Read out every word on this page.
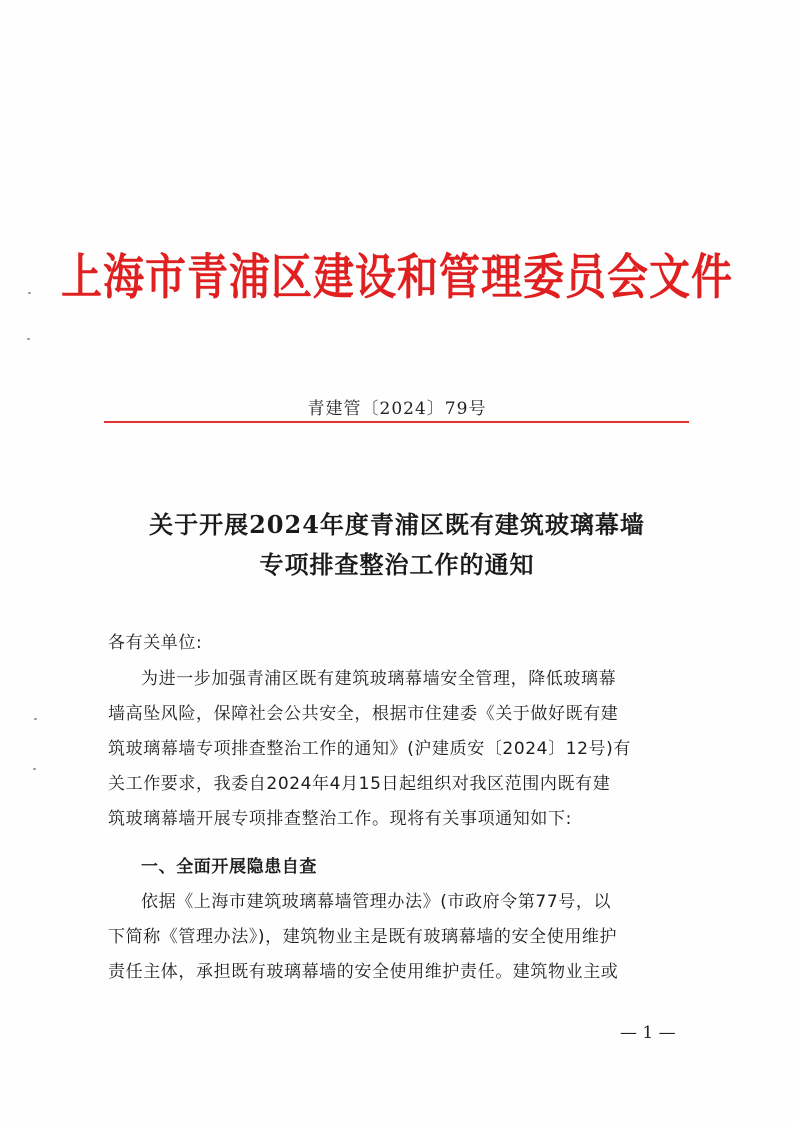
上海市青浦区建设和管理委员会文件
青建管〔2024〕79号
关于开展2024年度青浦区既有建筑玻璃幕墙
专项排查整治工作的通知
各有关单位:
为进一步加强青浦区既有建筑玻璃幕墙安全管理，降低玻璃幕
墙高坠风险，保障社会公共安全，根据市住建委《关于做好既有建
筑玻璃幕墙专项排查整治工作的通知》(沪建质安〔2024〕12号)有
关工作要求，我委自2024年4月15日起组织对我区范围内既有建
筑玻璃幕墙开展专项排查整治工作。现将有关事项通知如下:
一、全面开展隐患自查
依据《上海市建筑玻璃幕墙管理办法》(市政府令第77号，以
下简称《管理办法》)，建筑物业主是既有玻璃幕墙的安全使用维护
责任主体，承担既有玻璃幕墙的安全使用维护责任。建筑物业主或
— 1 —
